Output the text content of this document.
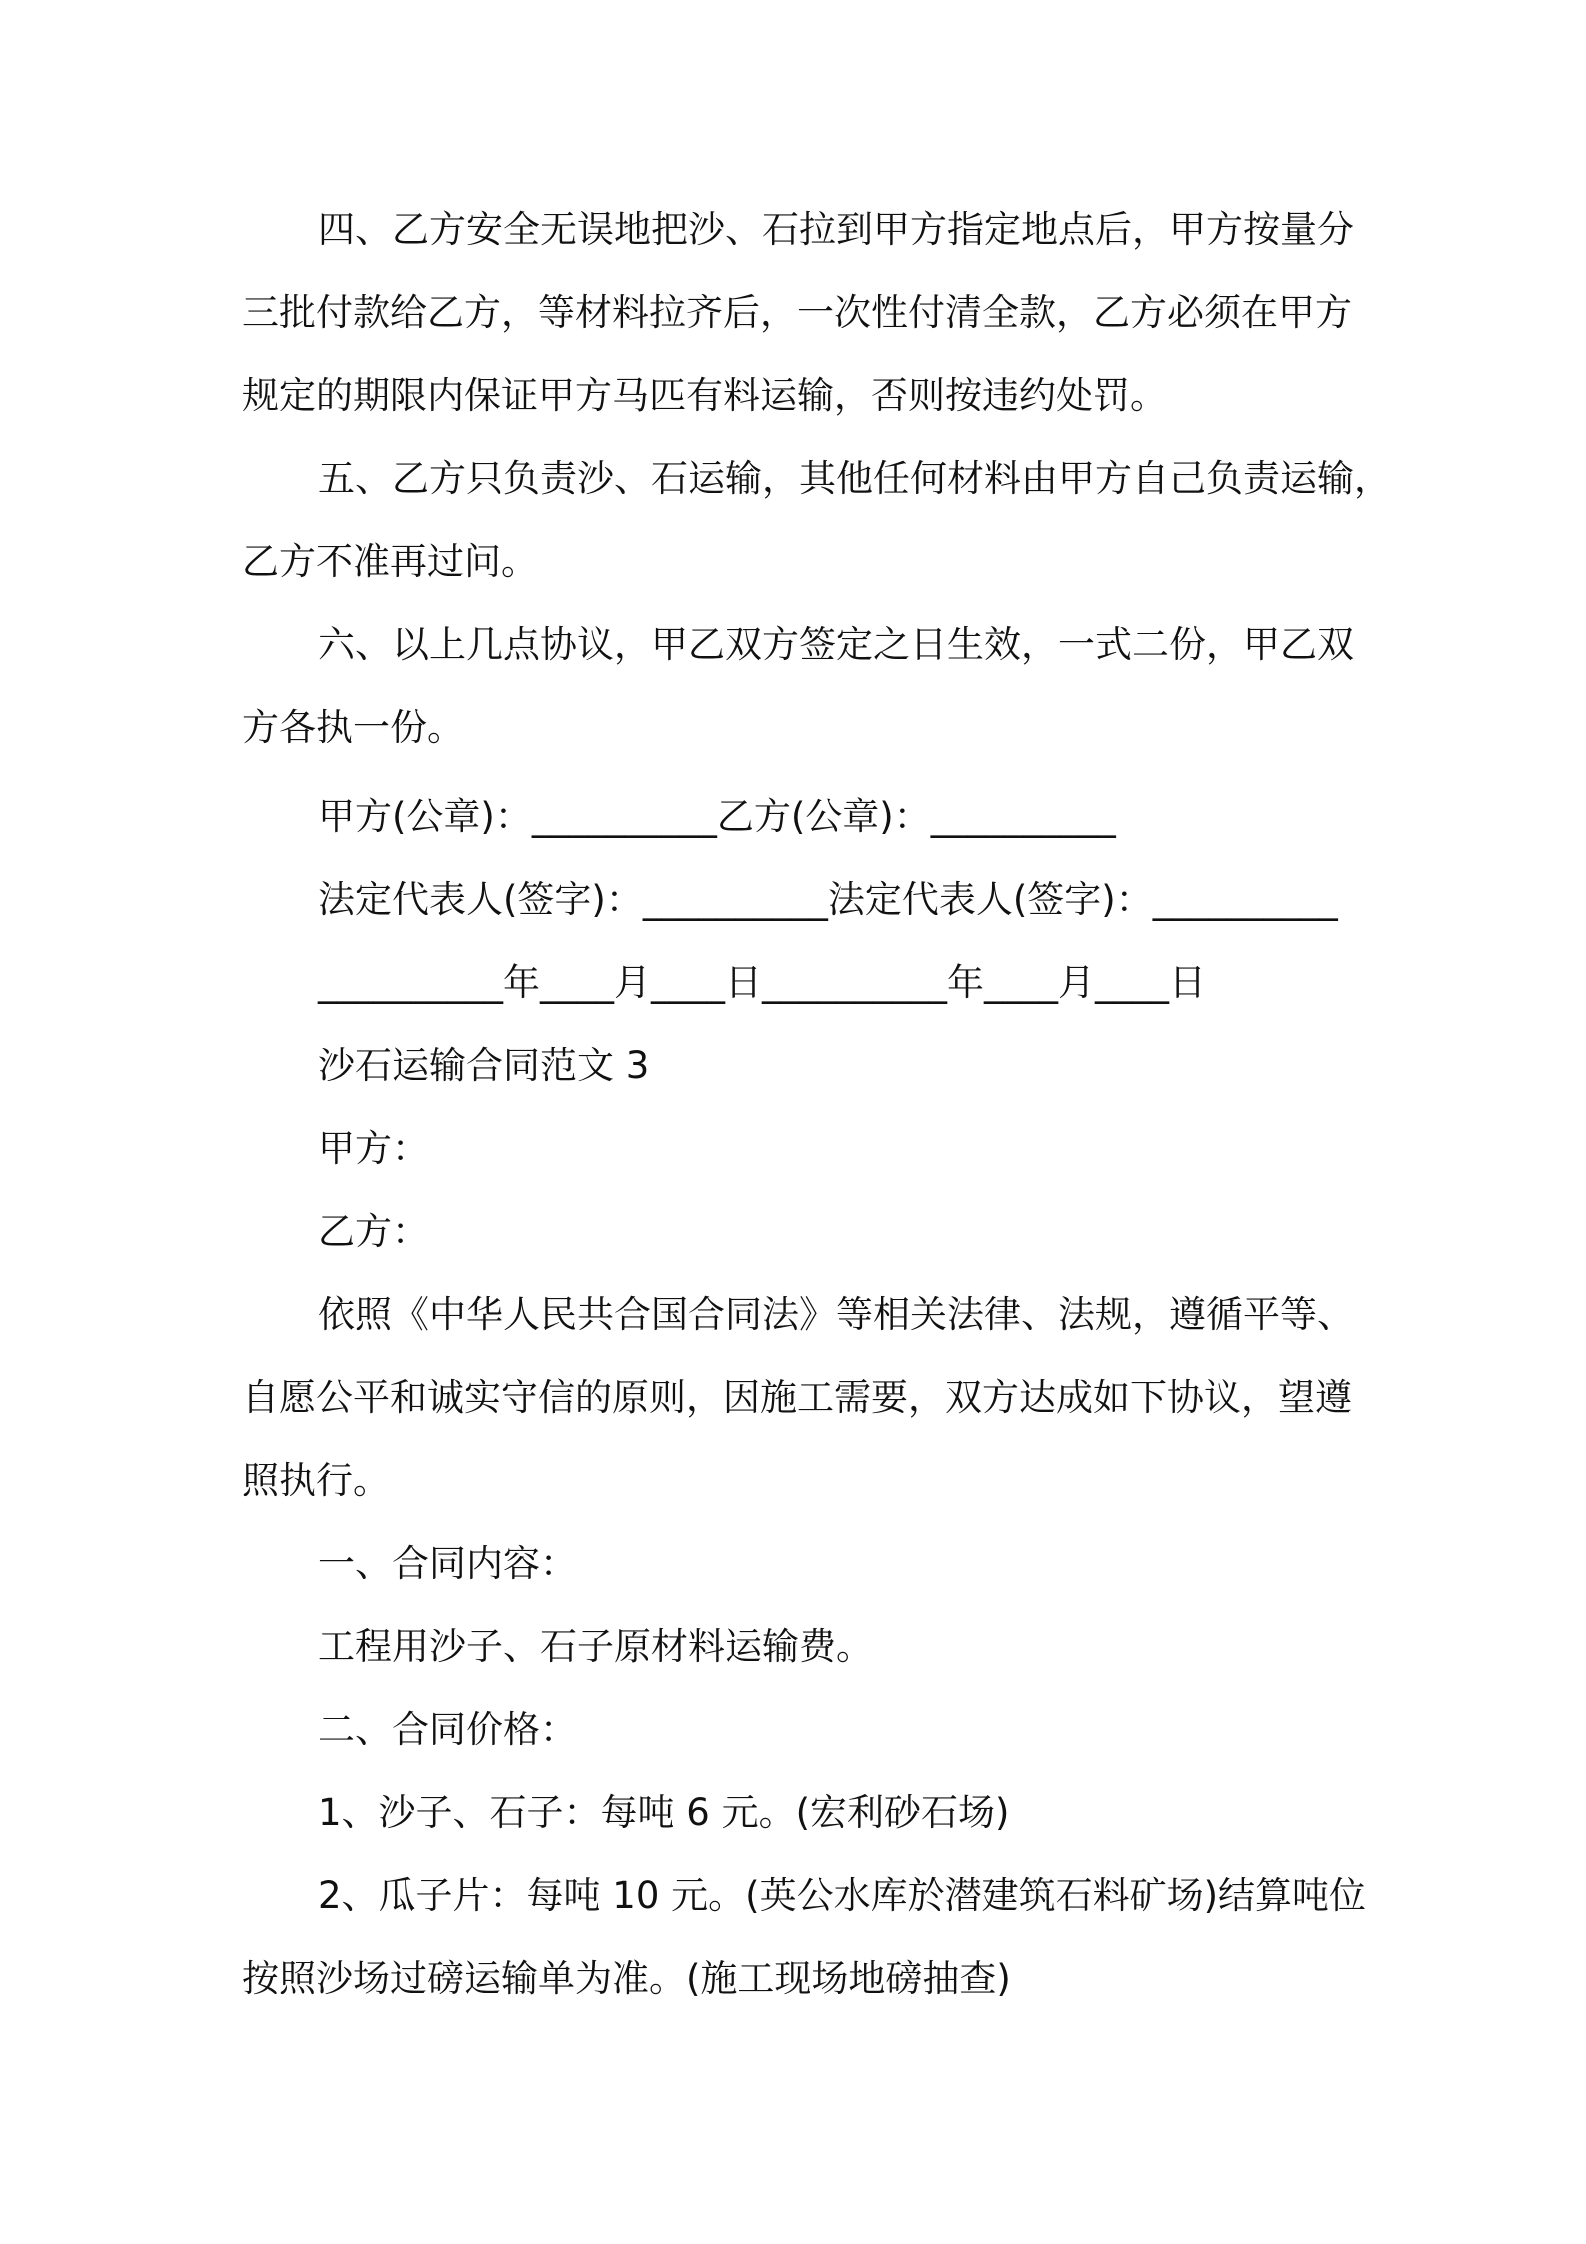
四、乙方安全无误地把沙、石拉到甲方指定地点后，甲方按量分

三批付款给乙方，等材料拉齐后，一次性付清全款，乙方必须在甲方

规定的期限内保证甲方马匹有料运输，否则按违约处罚。

五、乙方只负责沙、石运输，其他任何材料由甲方自己负责运输，

乙方不准再过问。

六、以上几点协议，甲乙双方签定之日生效，一式二份，甲乙双

方各执一份。

甲方(公章)：__________乙方(公章)：__________

法定代表人(签字)：__________法定代表人(签字)：__________

__________年____月____日__________年____月____日

沙石运输合同范文 3

甲方：

乙方：

依照《中华人民共合国合同法》等相关法律、法规，遵循平等、

自愿公平和诚实守信的原则，因施工需要，双方达成如下协议，望遵

照执行。

一、合同内容：

工程用沙子、石子原材料运输费。

二、合同价格：

1、沙子、石子：每吨 6 元。(宏利砂石场)

2、瓜子片：每吨 10 元。(英公水库於潜建筑石料矿场)结算吨位

按照沙场过磅运输单为准。(施工现场地磅抽查)
